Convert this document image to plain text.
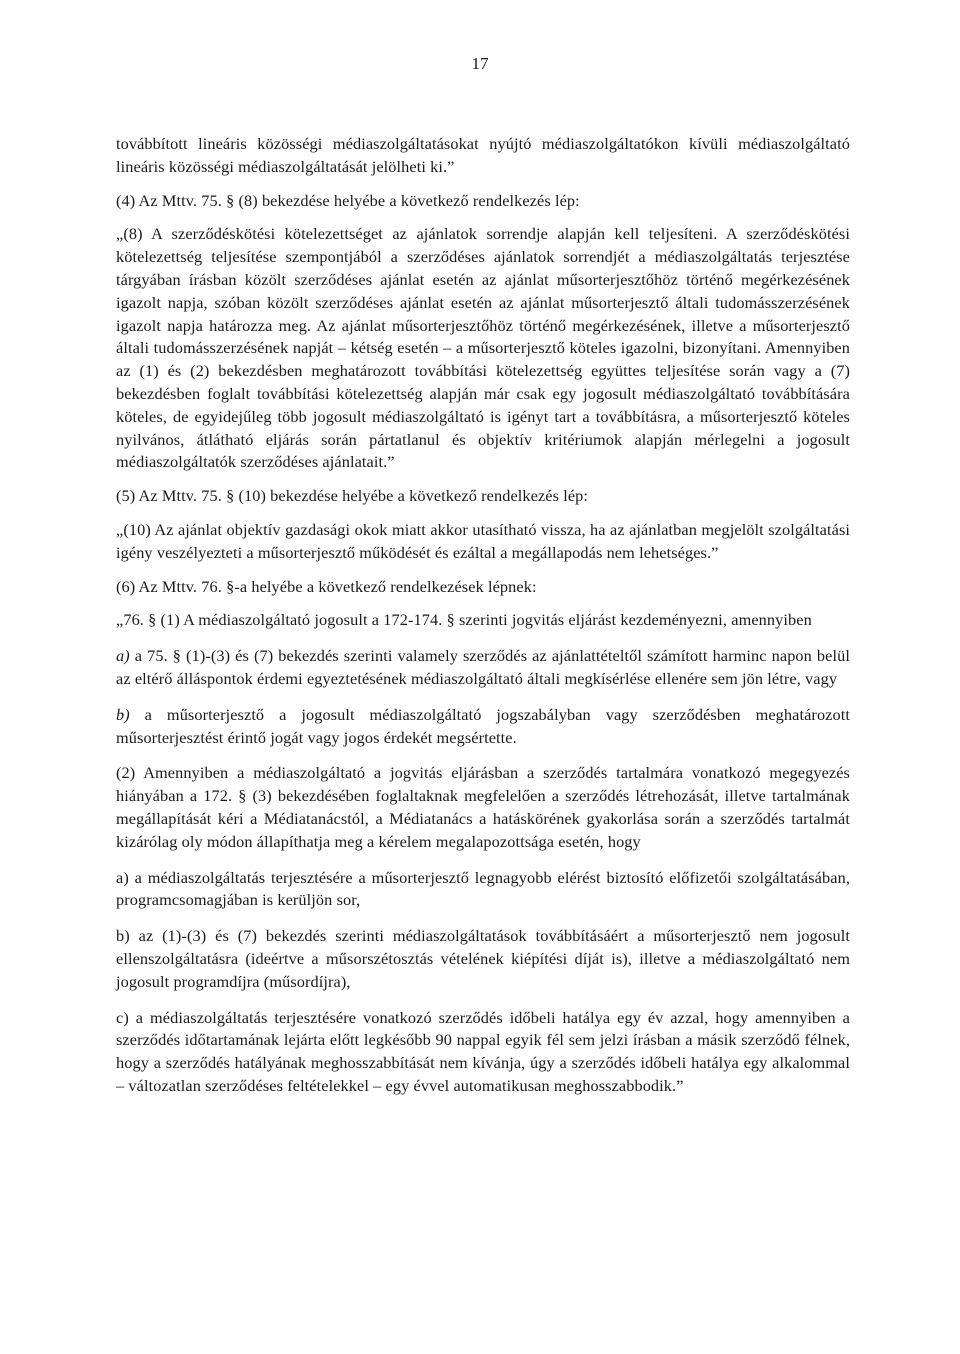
17

továbbított lineáris közösségi médiaszolgáltatásokat nyújtó médiaszolgáltatókon kívüli médiaszolgáltató lineáris közösségi médiaszolgáltatását jelölheti ki.”

(4) Az Mttv. 75. § (8) bekezdése helyébe a következő rendelkezés lép:

„(8) A szerződéskötési kötelezettséget az ajánlatok sorrendje alapján kell teljesíteni. A szerződéskötési kötelezettség teljesítése szempontjából a szerződéses ajánlatok sorrendjét a médiaszolgáltatás terjesztése tárgyában írásban közölt szerződéses ajánlat esetén az ajánlat műsorterjesztőhöz történő megérkezésének igazolt napja, szóban közölt szerződéses ajánlat esetén az ajánlat műsorterjesztő általi tudomásszerzésének igazolt napja határozza meg. Az ajánlat műsorterjesztőhöz történő megérkezésének, illetve a műsorterjesztő általi tudomásszerzésének napját – kétség esetén – a műsorterjesztő köteles igazolni, bizonyítani. Amennyiben az (1) és (2) bekezdésben meghatározott továbbítási kötelezettség együttes teljesítése során vagy a (7) bekezdésben foglalt továbbítási kötelezettség alapján már csak egy jogosult médiaszolgáltató továbbítására köteles, de egyidejűleg több jogosult médiaszolgáltató is igényt tart a továbbításra, a műsorterjesztő köteles nyilvános, átlátható eljárás során pártatlanul és objektív kritériumok alapján mérlegelni a jogosult médiaszolgáltatók szerződéses ajánlatait.”

(5) Az Mttv. 75. § (10) bekezdése helyébe a következő rendelkezés lép:

„(10) Az ajánlat objektív gazdasági okok miatt akkor utasítható vissza, ha az ajánlatban megjelölt szolgáltatási igény veszélyezteti a műsorterjesztő működését és ezáltal a megállapodás nem lehetséges.”

(6) Az Mttv. 76. §-a helyébe a következő rendelkezések lépnek:

„76. § (1) A médiaszolgáltató jogosult a 172-174. § szerinti jogvitás eljárást kezdeményezni, amennyiben

a) a 75. § (1)-(3) és (7) bekezdés szerinti valamely szerződés az ajánlattételtől számított harminc napon belül az eltérő álláspontok érdemi egyeztetésének médiaszolgáltató általi megkísérlése ellenére sem jön létre, vagy

b) a műsorterjesztő a jogosult médiaszolgáltató jogszabályban vagy szerződésben meghatározott műsorterjesztést érintő jogát vagy jogos érdekét megsértette.

(2) Amennyiben a médiaszolgáltató a jogvitás eljárásban a szerződés tartalmára vonatkozó megegyezés hiányában a 172. § (3) bekezdésében foglaltaknak megfelelően a szerződés létrehozását, illetve tartalmának megállapítását kéri a Médiatanácstól, a Médiatanács a hatáskörének gyakorlása során a szerződés tartalmát kizárólag oly módon állapíthatja meg a kérelem megalapozottsága esetén, hogy

a) a médiaszolgáltatás terjesztésére a műsorterjesztő legnagyobb elérést biztosító előfizetői szolgáltatásában, programcsomagjában is kerüljön sor,

b) az (1)-(3) és (7) bekezdés szerinti médiaszolgáltatások továbbításáért a műsorterjesztő nem jogosult ellenszolgáltatásra (ideértve a műsorszétosztás vételének kiépítési díját is), illetve a médiaszolgáltató nem jogosult programdíjra (műsordíjra),

c) a médiaszolgáltatás terjesztésére vonatkozó szerződés időbeli hatálya egy év azzal, hogy amennyiben a szerződés időtartamának lejárta előtt legkésőbb 90 nappal egyik fél sem jelzi írásban a másik szerződő félnek, hogy a szerződés hatályának meghosszabbítását nem kívánja, úgy a szerződés időbeli hatálya egy alkalommal – változatlan szerződéses feltételekkel – egy évvel automatikusan meghosszabbodik.”
